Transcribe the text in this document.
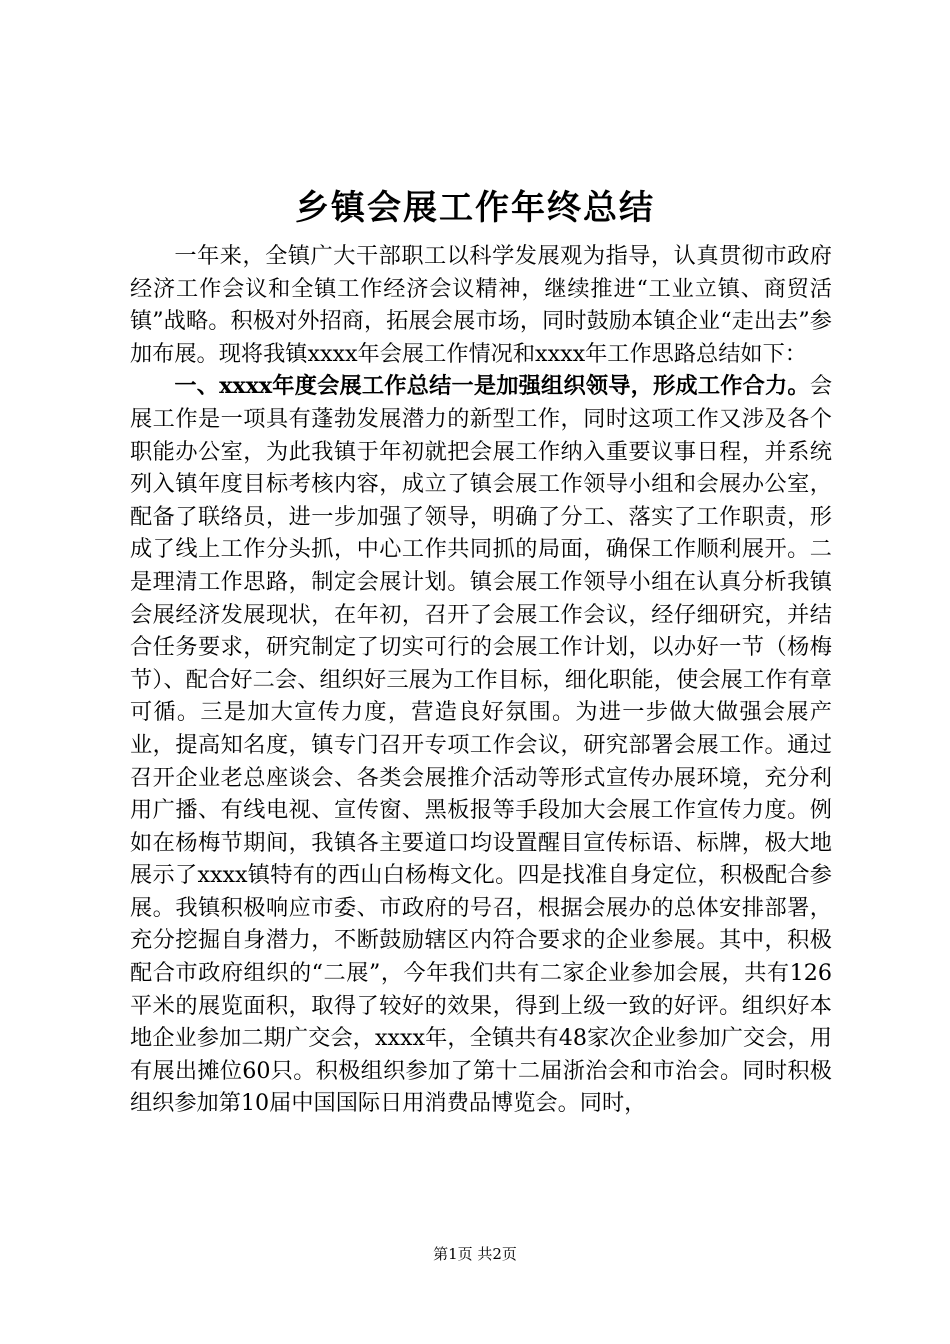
乡镇会展工作年终总结

一年来，全镇广大干部职工以科学发展观为指导，认真贯彻市政府经济工作会议和全镇工作经济会议精神，继续推进“工业立镇、商贸活镇”战略。积极对外招商，拓展会展市场，同时鼓励本镇企业“走出去”参加布展。现将我镇xxxx年会展工作情况和xxxx年工作思路总结如下：

一、xxxx年度会展工作总结一是加强组织领导，形成工作合力。会展工作是一项具有蓬勃发展潜力的新型工作，同时这项工作又涉及各个职能办公室，为此我镇于年初就把会展工作纳入重要议事日程，并系统列入镇年度目标考核内容，成立了镇会展工作领导小组和会展办公室，配备了联络员，进一步加强了领导，明确了分工、落实了工作职责，形成了线上工作分头抓，中心工作共同抓的局面，确保工作顺利展开。二是理清工作思路，制定会展计划。镇会展工作领导小组在认真分析我镇会展经济发展现状，在年初，召开了会展工作会议，经仔细研究，并结合任务要求，研究制定了切实可行的会展工作计划，以办好一节（杨梅节）、配合好二会、组织好三展为工作目标，细化职能，使会展工作有章可循。三是加大宣传力度，营造良好氛围。为进一步做大做强会展产业，提高知名度，镇专门召开专项工作会议，研究部署会展工作。通过召开企业老总座谈会、各类会展推介活动等形式宣传办展环境，充分利用广播、有线电视、宣传窗、黑板报等手段加大会展工作宣传力度。例如在杨梅节期间，我镇各主要道口均设置醒目宣传标语、标牌，极大地展示了xxxx镇特有的西山白杨梅文化。四是找准自身定位，积极配合参展。我镇积极响应市委、市政府的号召，根据会展办的总体安排部署，充分挖掘自身潜力，不断鼓励辖区内符合要求的企业参展。其中，积极配合市政府组织的“二展”，今年我们共有二家企业参加会展，共有126平米的展览面积，取得了较好的效果，得到上级一致的好评。组织好本地企业参加二期广交会，xxxx年，全镇共有48家次企业参加广交会，用有展出摊位60只。积极组织参加了第十二届浙治会和市治会。同时积极组织参加第10届中国国际日用消费品博览会。同时，

第1页 共2页
